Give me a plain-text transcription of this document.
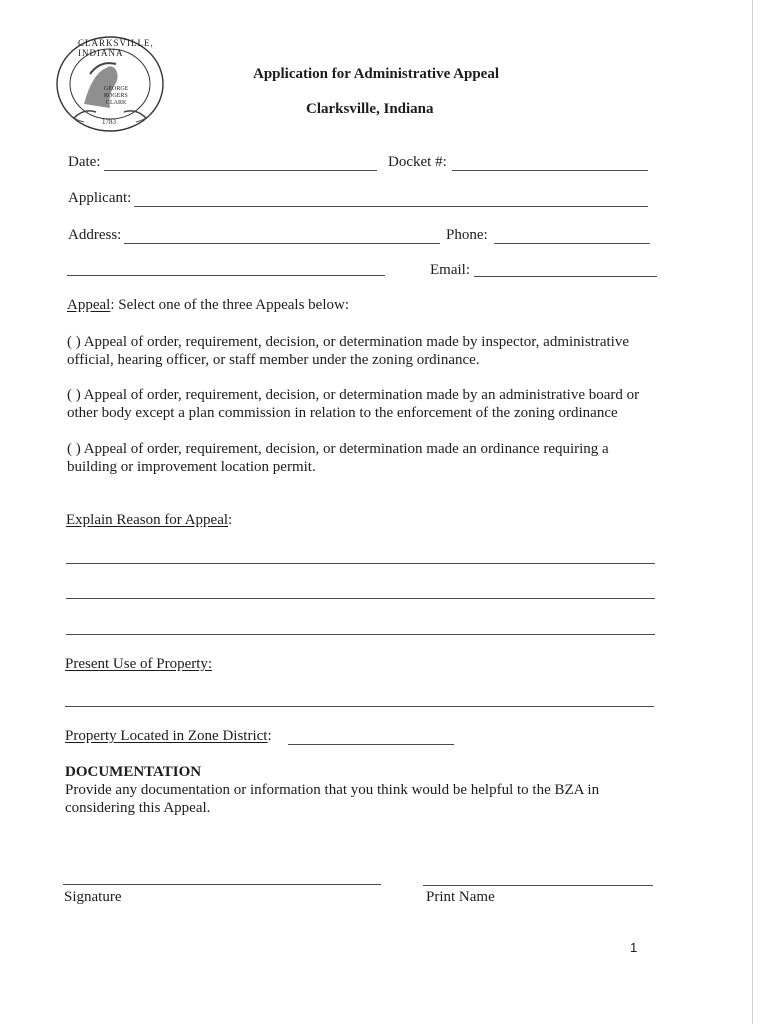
CLARKSVILLE, INDIANA
GEORGE
ROGERS
CLARK
1783
Application for Administrative Appeal
Clarksville, Indiana
Date:	Docket #:
Applicant:
Address:	Phone:
Email:
Appeal: Select one of the three Appeals below:
( ) Appeal of order, requirement, decision, or determination made by inspector, administrative
official, hearing officer, or staff member under the zoning ordinance.
( ) Appeal of order, requirement, decision, or determination made by an administrative board or
other body except a plan commission in relation to the enforcement of the zoning ordinance
( ) Appeal of order, requirement, decision, or determination made an ordinance requiring a
building or improvement location permit.
Explain Reason for Appeal:
Present Use of Property:
Property Located in Zone District:
DOCUMENTATION
Provide any documentation or information that you think would be helpful to the BZA in
considering this Appeal.
Signature	Print Name
1
